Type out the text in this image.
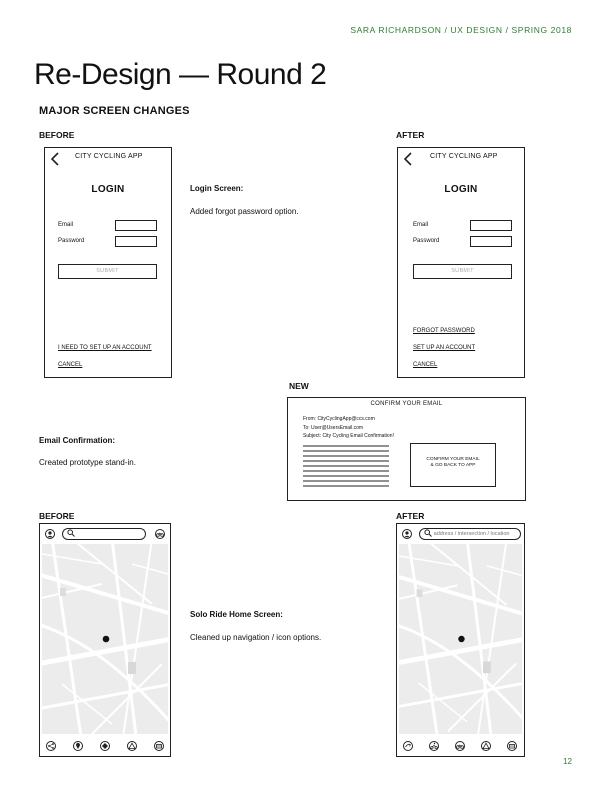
SARA RICHARDSON / UX DESIGN / SPRING 2018
Re-Design — Round 2
MAJOR SCREEN CHANGES
BEFORE	AFTER
CITY CYCLING APP
LOGIN
Email
Password
SUBMIT
I NEED TO SET UP AN ACCOUNT
CANCEL
Login Screen:
Added forgot password option.
CITY CYCLING APP
LOGIN
Email
Password
SUBMIT
FORGOT PASSWORD
SET UP AN ACCOUNT
CANCEL
NEW
Email Confirmation:
Created prototype stand-in.
CONFIRM YOUR EMAIL
From: CityCyclingApp@ccs.com
To: User@UsersEmail.com
Subject: City Cycling Email Confirmation!
CONFIRM YOUR EMAIL
& GO BACK TO APP
BEFORE	AFTER
Solo Ride Home Screen:
Cleaned up navigation / icon options.
address / intersection / location
12
